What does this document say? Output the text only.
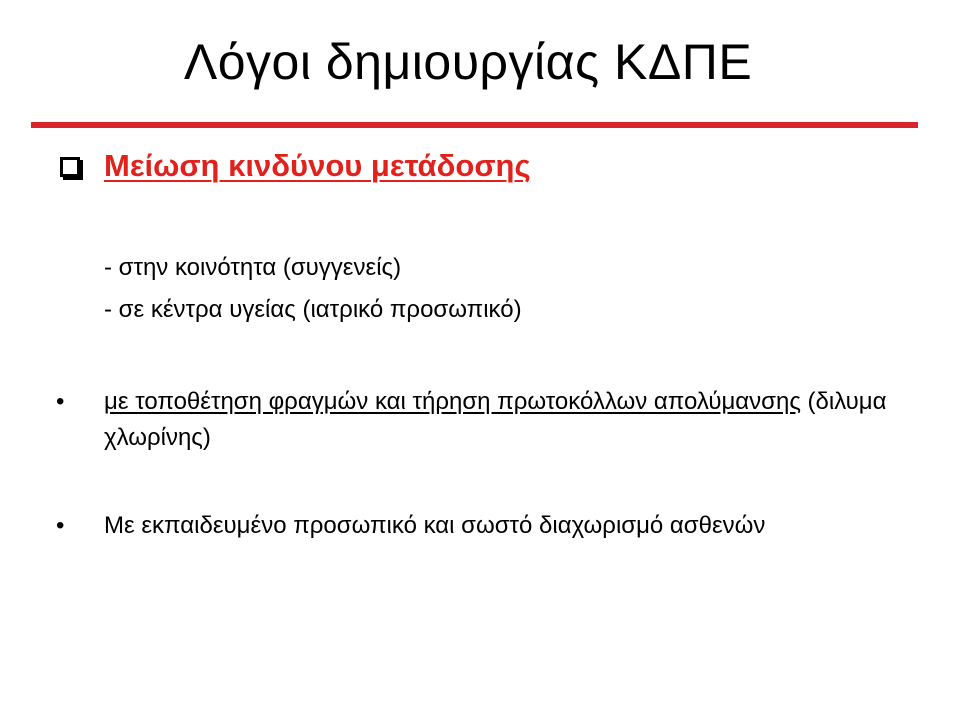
Λόγοι δημιουργίας ΚΔΠΕ
Μείωση κινδύνου μετάδοσης
- στην κοινότητα (συγγενείς)
- σε κέντρα υγείας (ιατρικό προσωπικό)
• με τοποθέτηση φραγμών και τήρηση πρωτοκόλλων απολύμανσης (διλυμα χλωρίνης)
• Με εκπαιδευμένο προσωπικό και σωστό διαχωρισμό ασθενών
